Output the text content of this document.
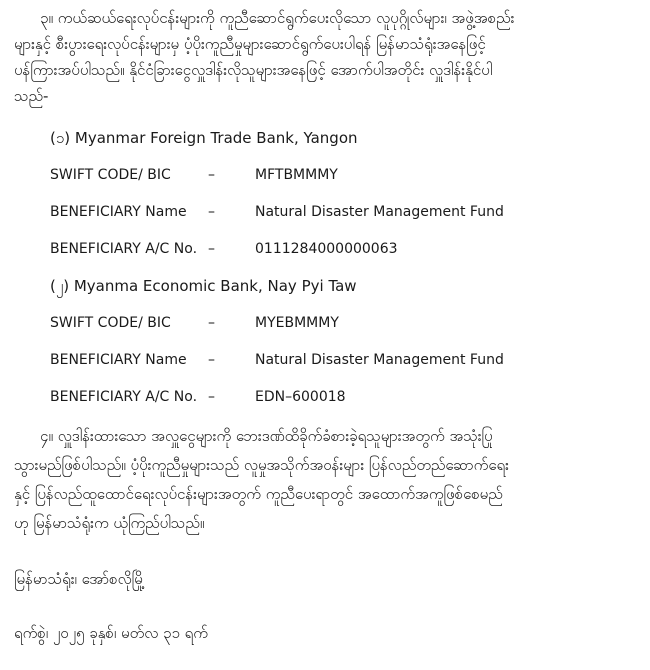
၃။ ကယ်ဆယ်ရေးလုပ်ငန်းများကို ကူညီဆောင်ရွက်ပေးလိုသော လူပုဂ္ဂိုလ်များ၊ အဖွဲ့အစည်း
များနှင့် စီးပွားရေးလုပ်ငန်းများမှ ပံ့ပိုးကူညီမှုများဆောင်ရွက်ပေးပါရန် မြန်မာသံရုံးအနေဖြင့်
ပန်ကြားအပ်ပါသည်။ နိုင်ငံခြားငွေလှူဒါန်းလိုသူများအနေဖြင့် အောက်ပါအတိုင်း လှူဒါန်းနိုင်ပါ
သည်-
(၁) Myanmar Foreign Trade Bank, Yangon
SWIFT CODE/ BIC	–	MFTBMMMY
BENEFICIARY Name –	Natural Disaster Management Fund
BENEFICIARY A/C No. –	0111284000000063
(၂) Myanma Economic Bank, Nay Pyi Taw
SWIFT CODE/ BIC	–	MYEBMMMY
BENEFICIARY Name –	Natural Disaster Management Fund
BENEFICIARY A/C No. –	EDN–600018
၄။ လှူဒါန်းထားသော အလှူငွေများကို ဘေးဒဏ်ထိခိုက်ခံစားခဲ့ရသူများအတွက် အသုံးပြု
သွားမည်ဖြစ်ပါသည်။ ပံ့ပိုးကူညီမှုများသည် လူမှုအသိုက်အဝန်းများ ပြန်လည်တည်ဆောက်ရေး
နှင့် ပြန်လည်ထူထောင်ရေးလုပ်ငန်းများအတွက် ကူညီပေးရာတွင် အထောက်အကူဖြစ်စေမည်
ဟု မြန်မာသံရုံးက ယုံကြည်ပါသည်။
မြန်မာသံရုံး၊ အော်စလိုမြို့
ရက်စွဲ၊ ၂၀၂၅ ခုနှစ်၊ မတ်လ ၃၁ ရက်
